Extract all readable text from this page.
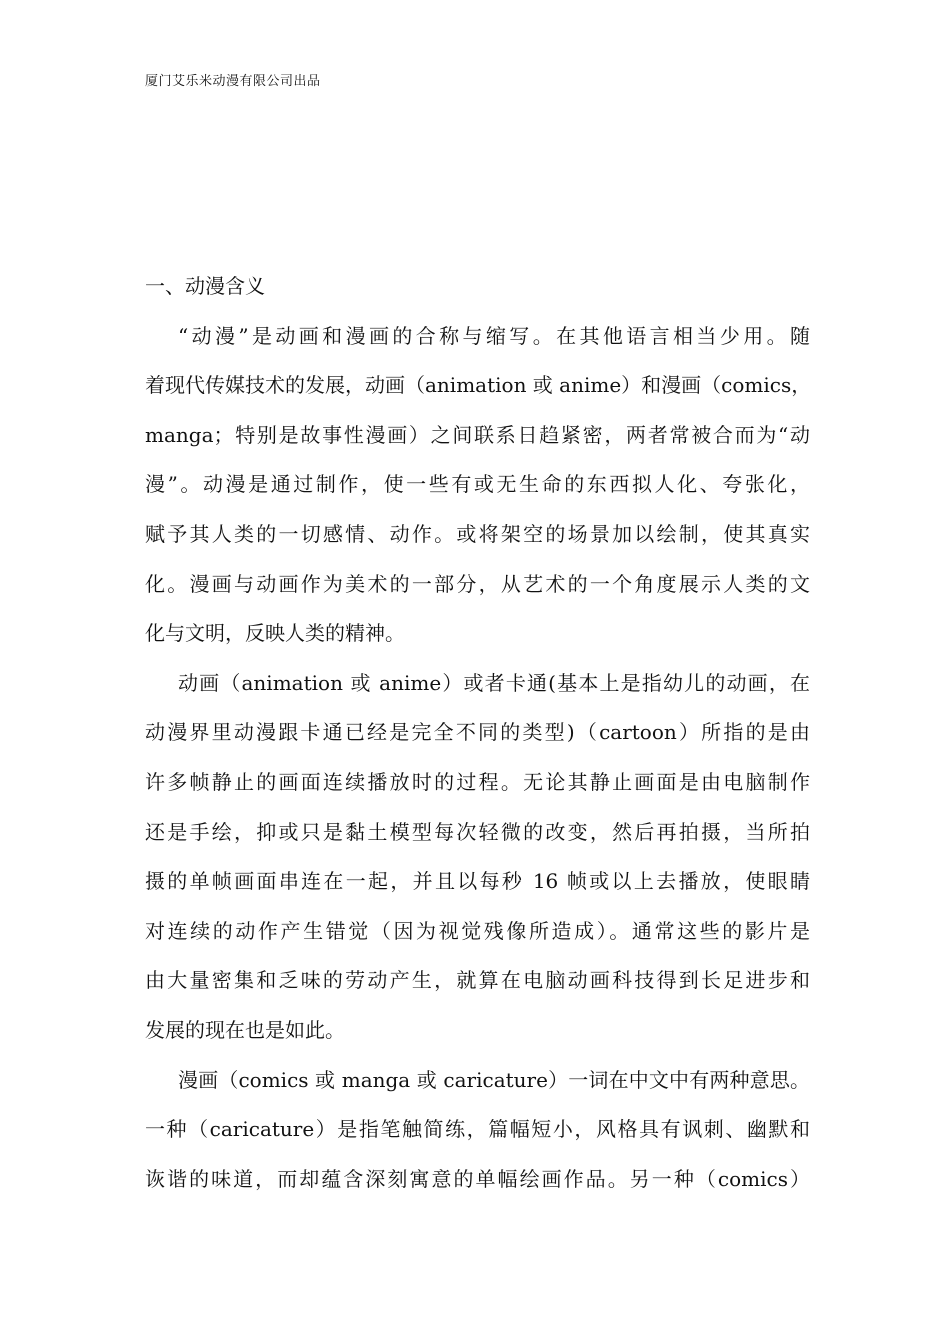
厦门艾乐米动漫有限公司出品
一、动漫含义
“动漫”是动画和漫画的合称与缩写。在其他语言相当少用。随
着现代传媒技术的发展，动画（animation 或 anime）和漫画（comics，
manga；特别是故事性漫画）之间联系日趋紧密，两者常被合而为“动
漫”。动漫是通过制作，使一些有或无生命的东西拟人化、夸张化，
赋予其人类的一切感情、动作。或将架空的场景加以绘制，使其真实
化。漫画与动画作为美术的一部分，从艺术的一个角度展示人类的文
化与文明，反映人类的精神。
动画（animation 或 anime）或者卡通(基本上是指幼儿的动画，在
动漫界里动漫跟卡通已经是完全不同的类型)（cartoon）所指的是由
许多帧静止的画面连续播放时的过程。无论其静止画面是由电脑制作
还是手绘，抑或只是黏土模型每次轻微的改变，然后再拍摄，当所拍
摄的单帧画面串连在一起，并且以每秒 16 帧或以上去播放，使眼睛
对连续的动作产生错觉（因为视觉残像所造成）。通常这些的影片是
由大量密集和乏味的劳动产生，就算在电脑动画科技得到长足进步和
发展的现在也是如此。
漫画（comics 或 manga 或 caricature）一词在中文中有两种意思。
一种（caricature）是指笔触简练，篇幅短小，风格具有讽刺、幽默和
诙谐的味道，而却蕴含深刻寓意的单幅绘画作品。另一种（comics）
